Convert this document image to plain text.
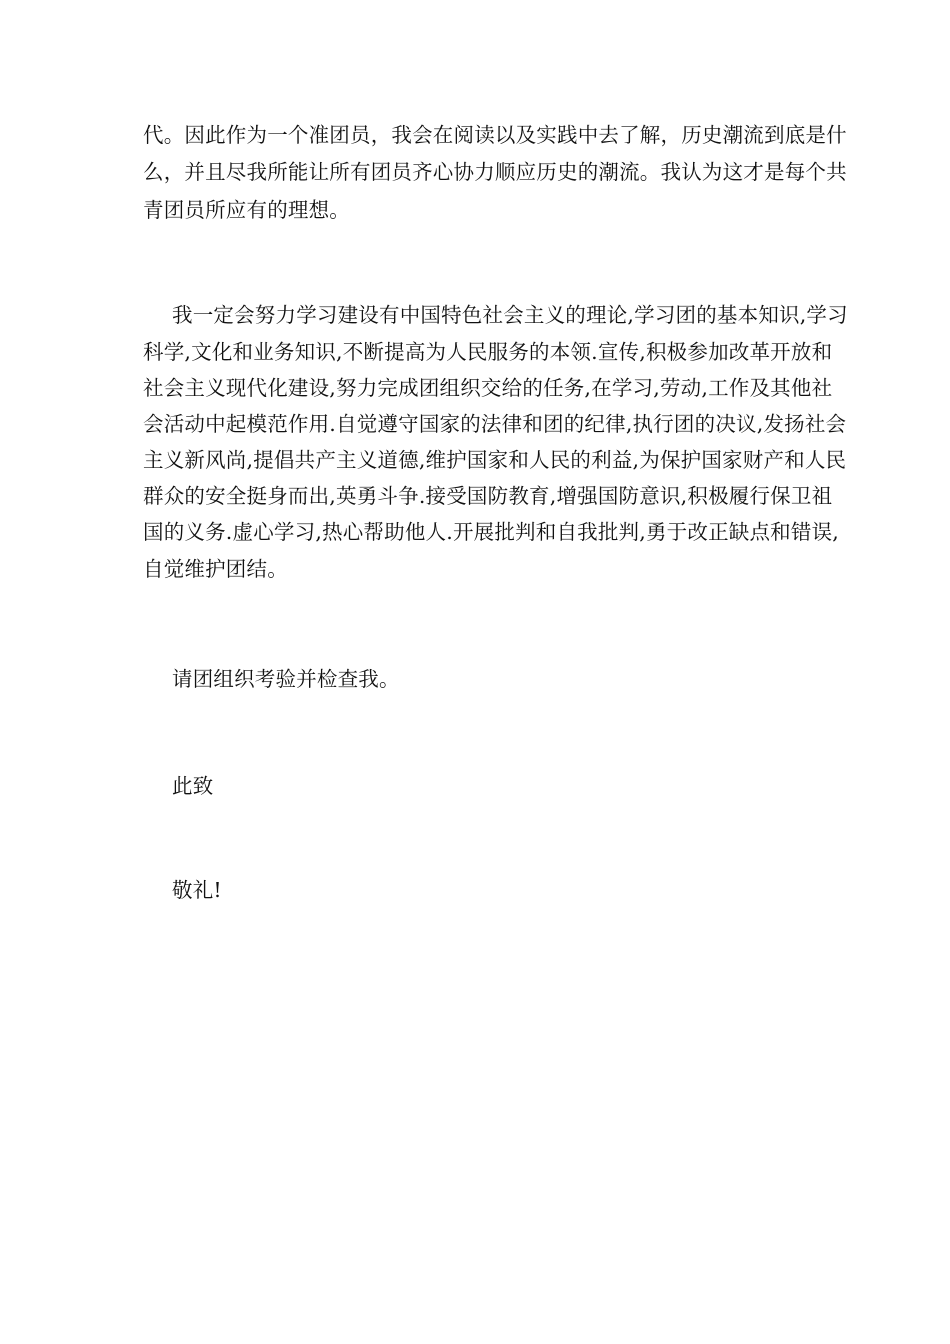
代。因此作为一个准团员，我会在阅读以及实践中去了解，历史潮流到底是什
么，并且尽我所能让所有团员齐心协力顺应历史的潮流。我认为这才是每个共
青团员所应有的理想。
我一定会努力学习建设有中国特色社会主义的理论,学习团的基本知识,学习
科学,文化和业务知识,不断提高为人民服务的本领.宣传,积极参加改革开放和
社会主义现代化建设,努力完成团组织交给的任务,在学习,劳动,工作及其他社
会活动中起模范作用.自觉遵守国家的法律和团的纪律,执行团的决议,发扬社会
主义新风尚,提倡共产主义道德,维护国家和人民的利益,为保护国家财产和人民
群众的安全挺身而出,英勇斗争.接受国防教育,增强国防意识,积极履行保卫祖
国的义务.虚心学习,热心帮助他人.开展批判和自我批判,勇于改正缺点和错误,
自觉维护团结。
请团组织考验并检查我。
此致
敬礼!
